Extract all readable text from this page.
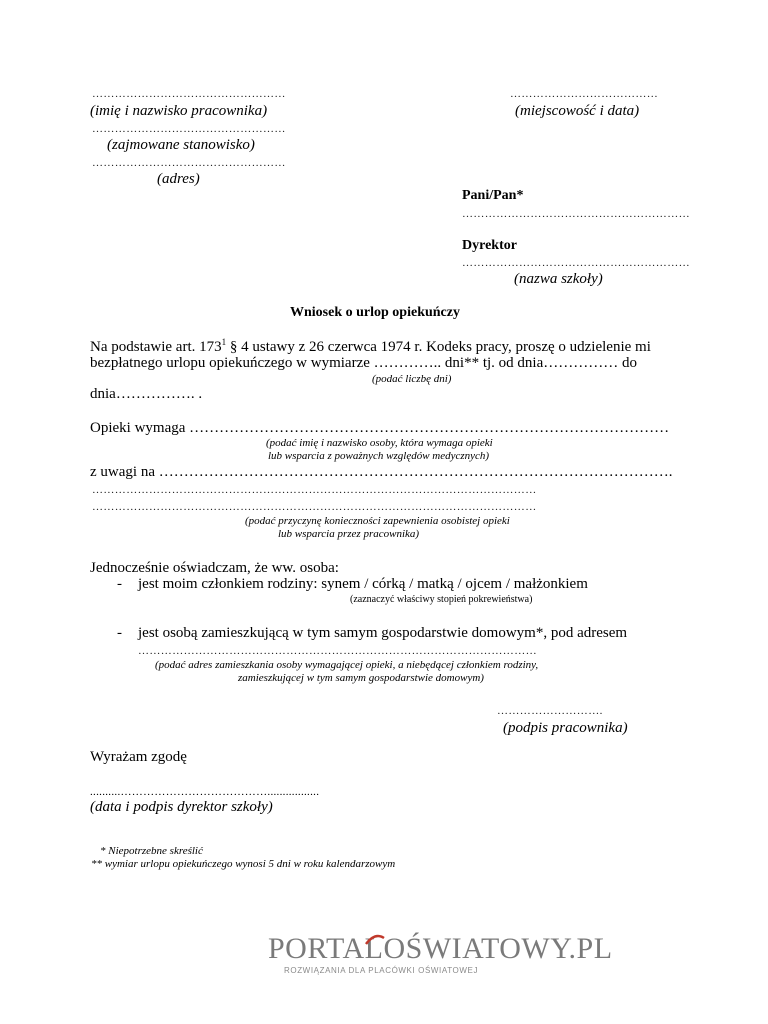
……………………………………………
(imię i nazwisko pracownika)
……………………………………………
(zajmowane stanowisko)
……………………………………………
(adres)
…………………………………
(miejscowość i data)
Pani/Pan*
……………………………………………………
Dyrektor
……………………………………………………
(nazwa szkoły)
Wniosek o urlop opiekuńczy
Na podstawie art. $173^1$ § 4 ustawy z 26 czerwca 1974 r. Kodeks pracy, proszę o udzielenie mi
bezpłatnego urlopu opiekuńczego w wymiarze ………….. dni** tj. od dnia…………… do
(podać liczbę dni)
dnia……………. .
Opieki wymaga ……………………………………………………………………………………
(podać imię i nazwisko osoby, która wymaga opieki
lub wsparcia z poważnych względów medycznych)
z uwagi na ………………………………………………………………………………………….
………………………………………………………………………………………………………
………………………………………………………………………………………………………
(podać przyczynę konieczności zapewnienia osobistej opieki
lub wsparcia przez pracownika)
Jednocześnie oświadczam, że ww. osoba:
- jest moim członkiem rodziny: synem / córką / matką / ojcem / małżonkiem
(zaznaczyć właściwy stopień pokrewieństwa)
- jest osobą zamieszkującą w tym samym gospodarstwie domowym*, pod adresem
……………………………………………………………………………………………
(podać adres zamieszkania osoby wymagającej opieki, a niebędącej członkiem rodziny,
zamieszkującej w tym samym gospodarstwie domowym)
……………………….
(podpis pracownika)
Wyrażam zgodę
..........………………………………….................
(data i podpis dyrektor szkoły)
* Niepotrzebne skreślić
** wymiar urlopu opiekuńczego wynosi 5 dni w roku kalendarzowym
PORTALOŚWIATOWY.PL
ROZWIĄZANIA DLA PLACÓWKI OŚWIATOWEJ
